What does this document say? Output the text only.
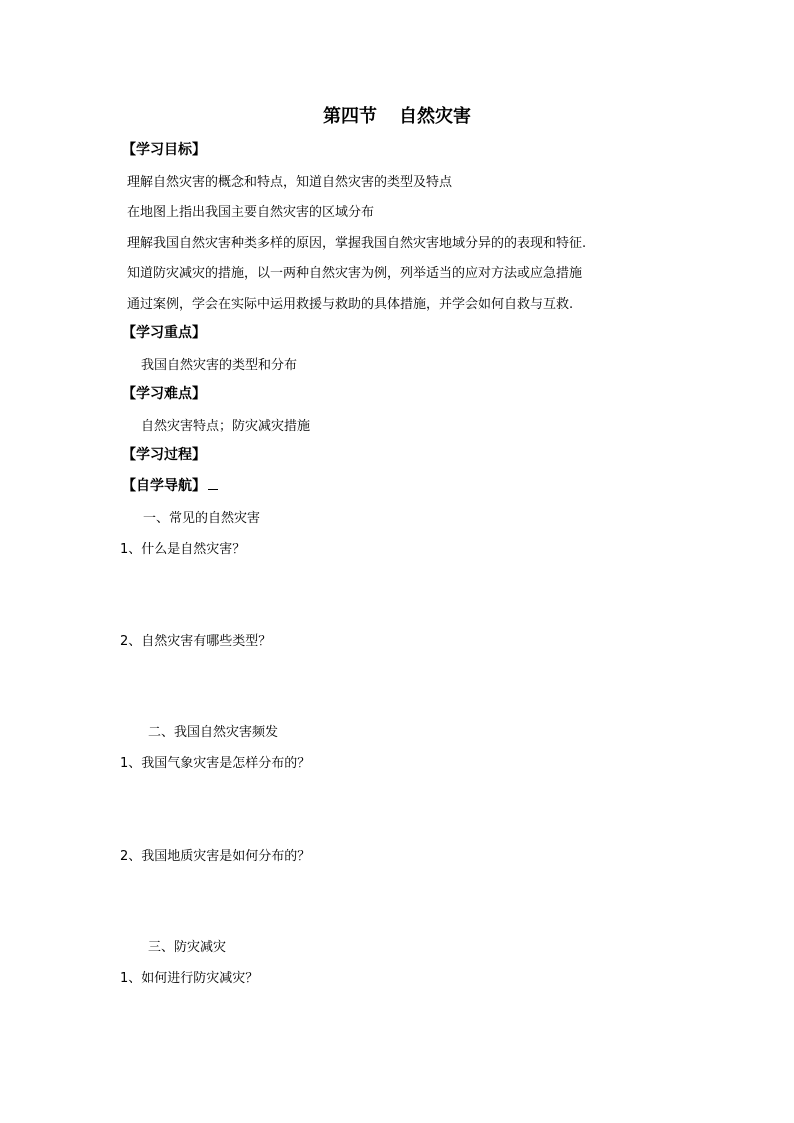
第四节 自然灾害
【学习目标】
理解自然灾害的概念和特点，知道自然灾害的类型及特点
在地图上指出我国主要自然灾害的区域分布
理解我国自然灾害种类多样的原因，掌握我国自然灾害地域分异的的表现和特征.
知道防灾减灾的措施，以一两种自然灾害为例，列举适当的应对方法或应急措施
通过案例，学会在实际中运用救援与救助的具体措施，并学会如何自救与互救.
【学习重点】
我国自然灾害的类型和分布
【学习难点】
自然灾害特点；防灾减灾措施
【学习过程】
【自学导航】
一、常见的自然灾害
1、什么是自然灾害？
2、自然灾害有哪些类型？
二、我国自然灾害频发
1、我国气象灾害是怎样分布的？
2、我国地质灾害是如何分布的？
三、防灾减灾
1、如何进行防灾减灾？
